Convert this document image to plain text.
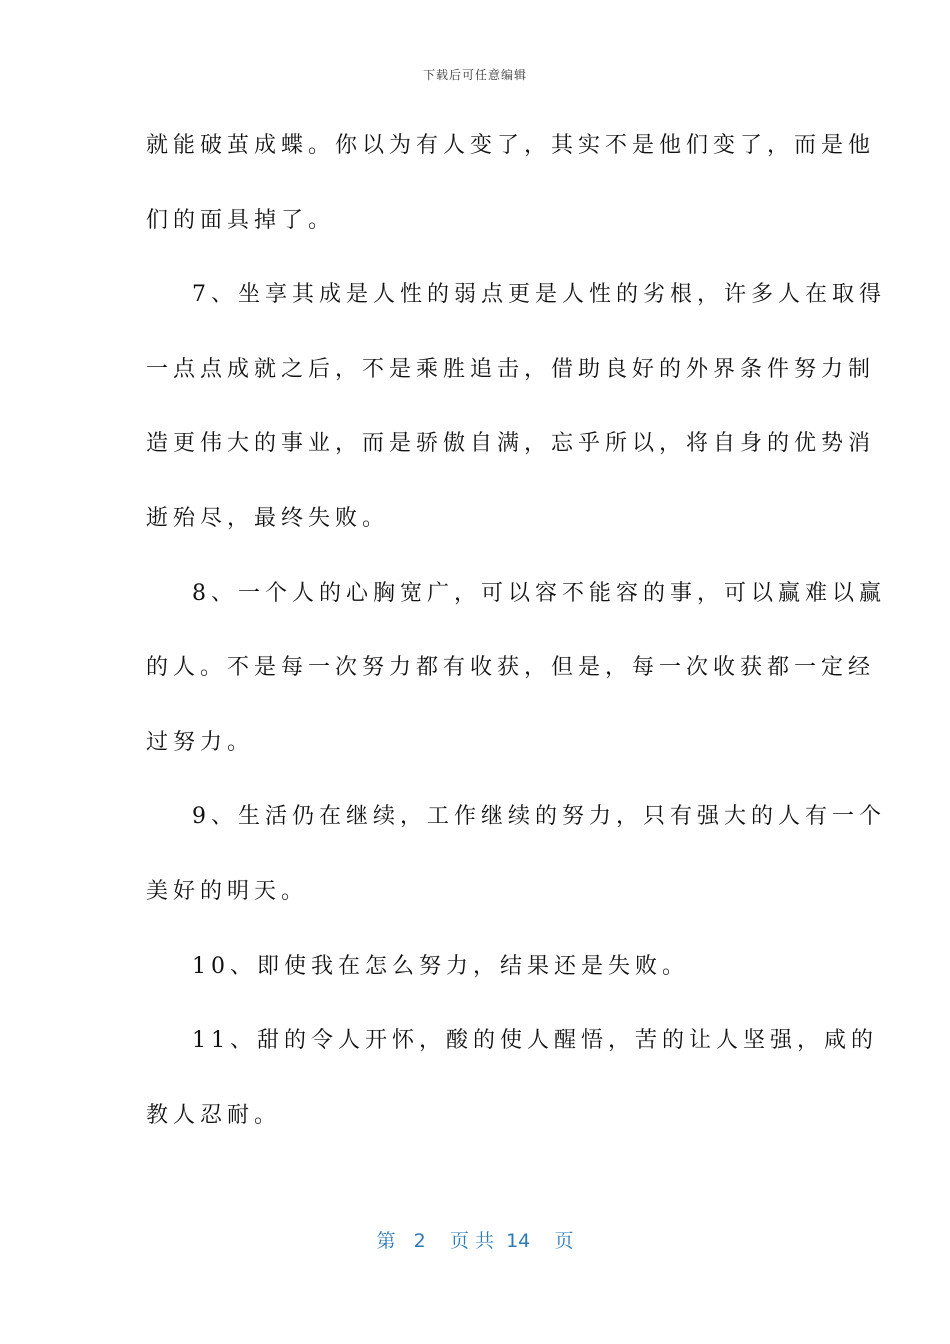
下载后可任意编辑
就能破茧成蝶。你以为有人变了，其实不是他们变了，而是他
们的面具掉了。
7、坐享其成是人性的弱点更是人性的劣根，许多人在取得
一点点成就之后，不是乘胜追击，借助良好的外界条件努力制
造更伟大的事业，而是骄傲自满，忘乎所以，将自身的优势消
逝殆尽，最终失败。
8、一个人的心胸宽广，可以容不能容的事，可以赢难以赢
的人。不是每一次努力都有收获，但是，每一次收获都一定经
过努力。
9、生活仍在继续，工作继续的努力，只有强大的人有一个
美好的明天。
10、即使我在怎么努力，结果还是失败。
11、甜的令人开怀，酸的使人醒悟，苦的让人坚强，咸的
教人忍耐。
第 2 页 共 14 页
